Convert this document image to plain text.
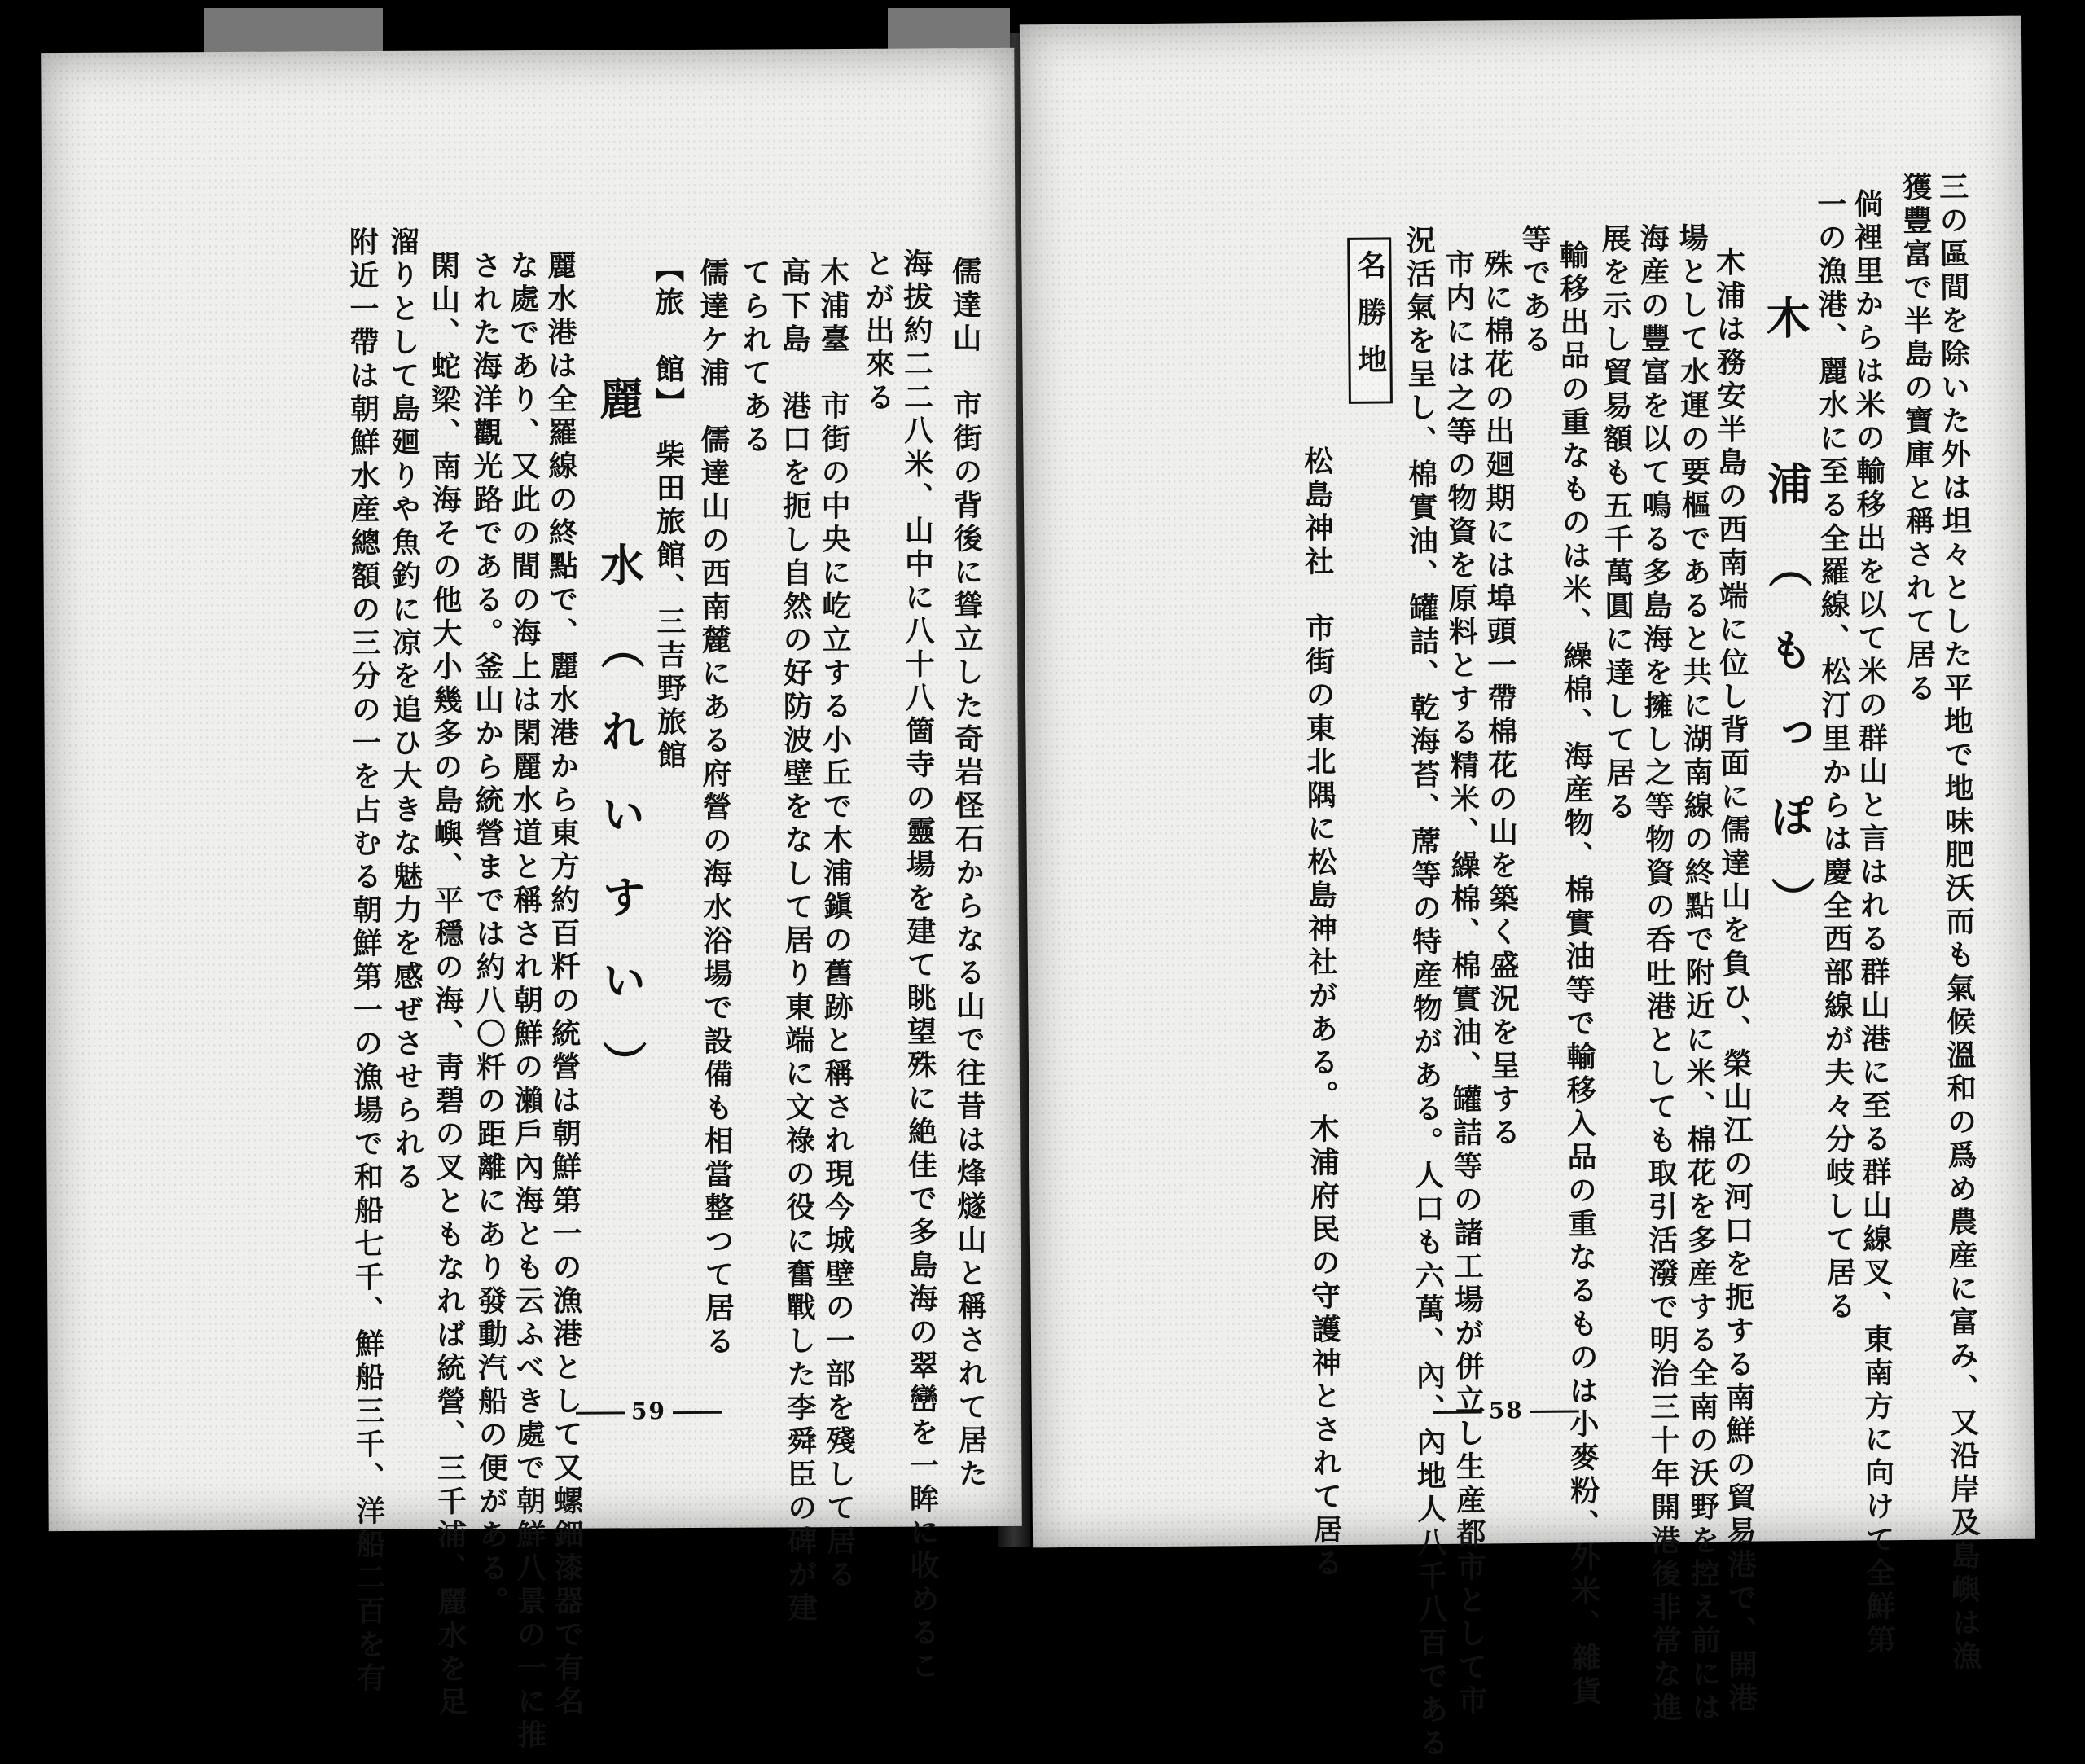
三の區間を除いた外は坦々とした平地で地味肥沃而も氣候溫和の爲め農産に富み、又沿岸及島嶼は漁
獲豐富で半島の寶庫と稱されて居る
倘裡里からは米の輸移出を以て米の群山と言はれる群山港に至る群山線叉、東南方に向けて全鮮第
一の漁港、麗水に至る全羅線、松汀里からは慶全西部線が夫々分岐して居る
木　浦（もっぽ）
木浦は務安半島の西南端に位し背面に儒達山を負ひ、榮山江の河口を扼する南鮮の貿易港で、開港
場として水運の要樞であると共に湖南線の終點で附近に米、棉花を多産する全南の沃野を控え前には
海産の豐富を以て鳴る多島海を擁し之等物資の呑吐港としても取引活潑で明治三十年開港後非常な進
展を示し貿易額も五千萬圓に達して居る
輸移出品の重なものは米、繰棉、海産物、棉實油等で輸移入品の重なるものは小麥粉、外米、雜貨
等である
殊に棉花の出廻期には埠頭一帶棉花の山を築く盛況を呈する
市内には之等の物資を原料とする精米、繰棉、棉實油、罐詰等の諸工場が併立し生産都市として市
況活氣を呈し、棉實油、罐詰、乾海苔、蓆等の特産物がある。人口も六萬、內、內地人八千八百である
名勝地
松島神社　市街の東北隅に松島神社がある。木浦府民の守護神とされて居る	58
儒達山　市街の背後に聳立した奇岩怪石からなる山で往昔は烽燧山と稱されて居た
海拔約二二八米、山中に八十八箇寺の靈場を建て眺望殊に絶佳で多島海の翠巒を一眸に收めるこ
とが出來る
木浦臺　市街の中央に屹立する小丘で木浦鎭の舊跡と稱され現今城壁の一部を殘して居る
高下島　港口を扼し自然の好防波壁をなして居り東端に文祿の役に奮戰した李舜臣の碑が建
てられてある
儒達ケ浦　儒達山の西南麓にある府營の海水浴場で設備も相當整つて居る
【旅　館】　柴田旅館、三吉野旅館
麗　水（れいすい）
麗水港は全羅線の終點で、麗水港から東方約百粁の統營は朝鮮第一の漁港として又螺鈿漆器で有名
な處であり、又此の間の海上は閑麗水道と稱され朝鮮の瀨戶內海とも云ふべき處で朝鮮八景の一に推
された海洋觀光路である。釜山から統營までは約八〇粁の距離にあり發動汽船の便がある。
閑山、蛇梁、南海その他大小幾多の島嶼、平穩の海、靑碧の叉ともなれば統營、三千浦、麗水を足
溜りとして島廻りや魚釣に凉を追ひ大きな魅力を感ぜさせられる
附近一帶は朝鮮水産總額の三分の一を占むる朝鮮第一の漁場で和船七千、鮮船三千、洋船二百を有	59
